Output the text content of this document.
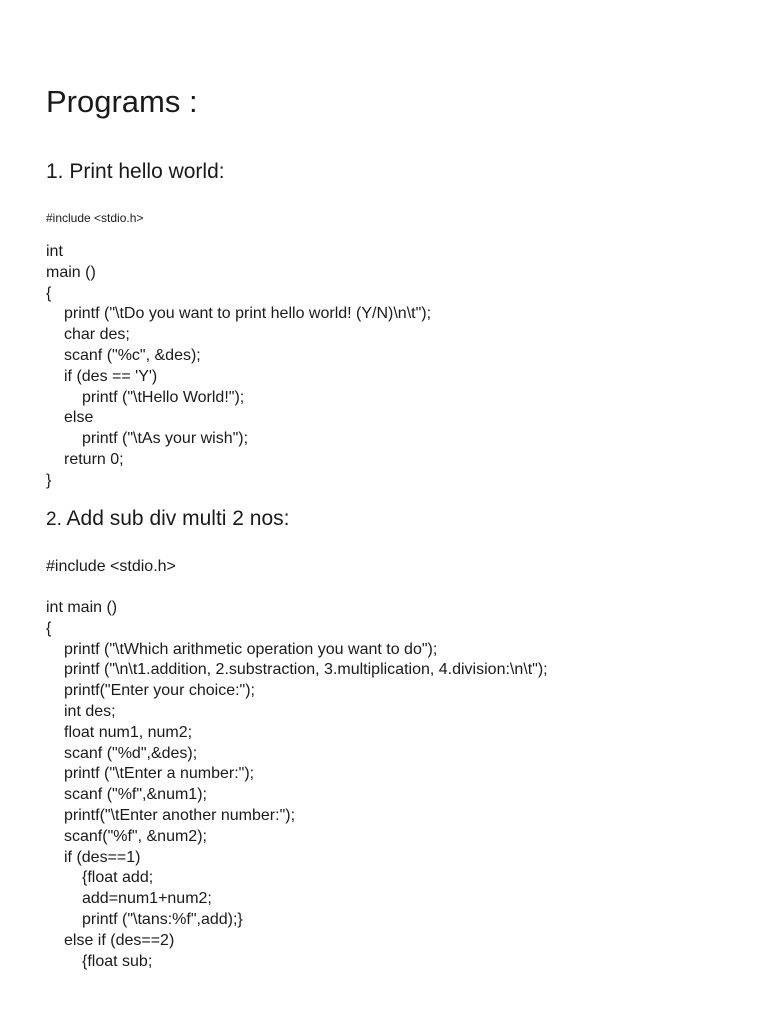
Programs :
1. Print hello world:
#include <stdio.h>
int
main ()
{
printf ("\tDo you want to print hello world! (Y/N)\n\t");
char des;
scanf ("%c", &des);
if (des == 'Y')
printf ("\tHello World!");
else
printf ("\tAs your wish");
return 0;
}
2. Add sub div multi 2 nos:
#include <stdio.h>
int main ()
{
printf ("\tWhich arithmetic operation you want to do");
printf ("\n\t1.addition, 2.substraction, 3.multiplication, 4.division:\n\t");
printf("Enter your choice:");
int des;
float num1, num2;
scanf ("%d",&des);
printf ("\tEnter a number:");
scanf ("%f",&num1);
printf("\tEnter another number:");
scanf("%f", &num2);
if (des==1)
{float add;
add=num1+num2;
printf ("\tans:%f",add);}
else if (des==2)
{float sub;
